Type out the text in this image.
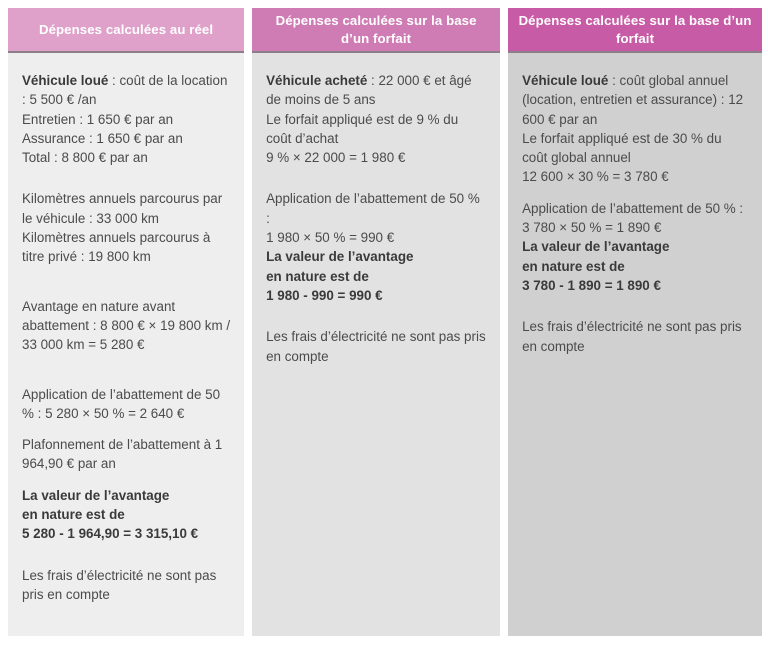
Dépenses calculées au réel

Véhicule loué : coût de la location : 5 500 € /an

Entretien : 1 650 € par an

Assurance : 1 650 € par an

Total : 8 800 € par an

Kilomètres annuels parcourus par le véhicule : 33 000 km

Kilomètres annuels parcourus à titre privé : 19 800 km

Avantage en nature avant abattement : 8 800 € × 19 800 km / 33 000 km = 5 280 €

Application de l’abattement de 50 % : 5 280 × 50 % = 2 640 €

Plafonnement de l’abattement à 1 964,90 € par an

La valeur de l’avantage
en nature est de
5 280 - 1 964,90 = 3 315,10 €

Les frais d’électricité ne sont pas pris en compte

Dépenses calculées sur la base d’un forfait

Véhicule acheté : 22 000 € et âgé de moins de 5 ans

Le forfait appliqué est de 9 % du coût d’achat

9 % × 22 000 = 1 980 €

Application de l’abattement de 50 % :

1 980 × 50 % = 990 €

La valeur de l’avantage
en nature est de
1 980 - 990 = 990 €

Les frais d’électricité ne sont pas pris en compte

Dépenses calculées sur la base d’un forfait

Véhicule loué : coût global annuel (location, entretien et assurance) : 12 600 € par an

Le forfait appliqué est de 30 % du coût global annuel

12 600 × 30 % = 3 780 €

Application de l’abattement de 50 % :

3 780 × 50 % = 1 890 €

La valeur de l’avantage
en nature est de
3 780 - 1 890 = 1 890 €

Les frais d’électricité ne sont pas pris en compte
